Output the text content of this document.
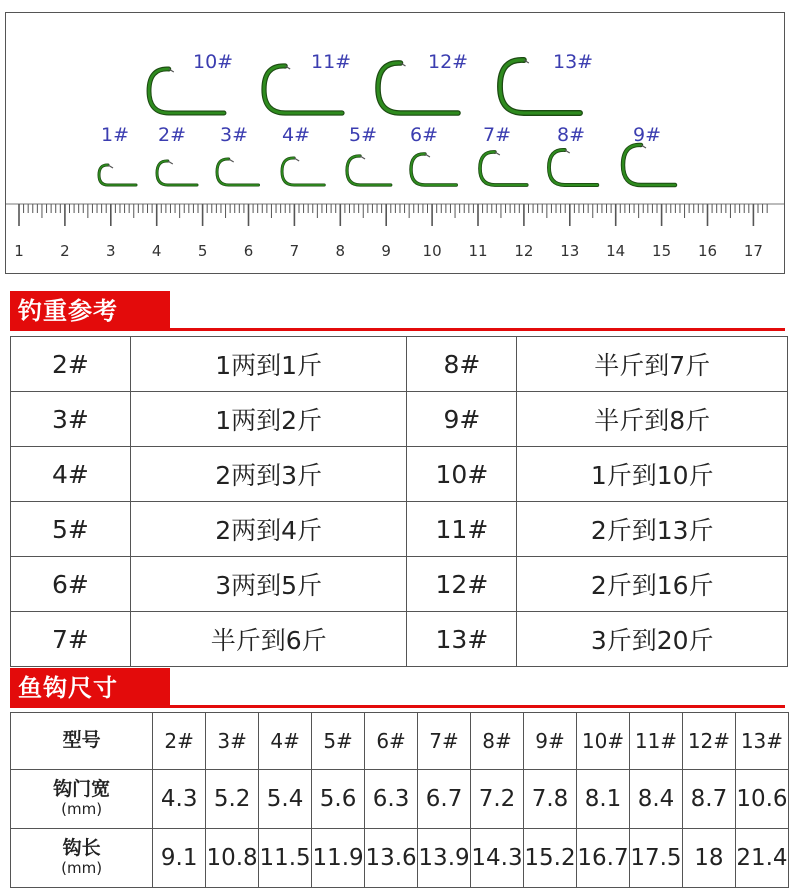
1 2 3 4 5 6 7 8 9 10 11 12 13 14 15 16 17
10#	11#	12#	13#
1# 2# 3# 4# 5# 6# 7# 8#	9#
钓重参考
2#	1两到1斤	8#	半斤到7斤
3#	1两到2斤	9#	半斤到8斤
4#	2两到3斤	10#	1斤到10斤
5#	2两到4斤	11#	2斤到13斤
6#	3两到5斤	12#	2斤到16斤
7#	半斤到6斤	13#	3斤到20斤
鱼钩尺寸
型号	2#	3#	4#	5#	6#	7#	8#	9#	10#	11#	12#	13#
钩门宽
(mm)	4.3	5.2	5.4	5.6	6.3	6.7	7.2	7.8	8.1	8.4	8.7	10.6
钩长
(mm)	9.1	10.8	11.5	11.9	13.6	13.9	14.3	15.2	16.7	17.5	18	21.4
